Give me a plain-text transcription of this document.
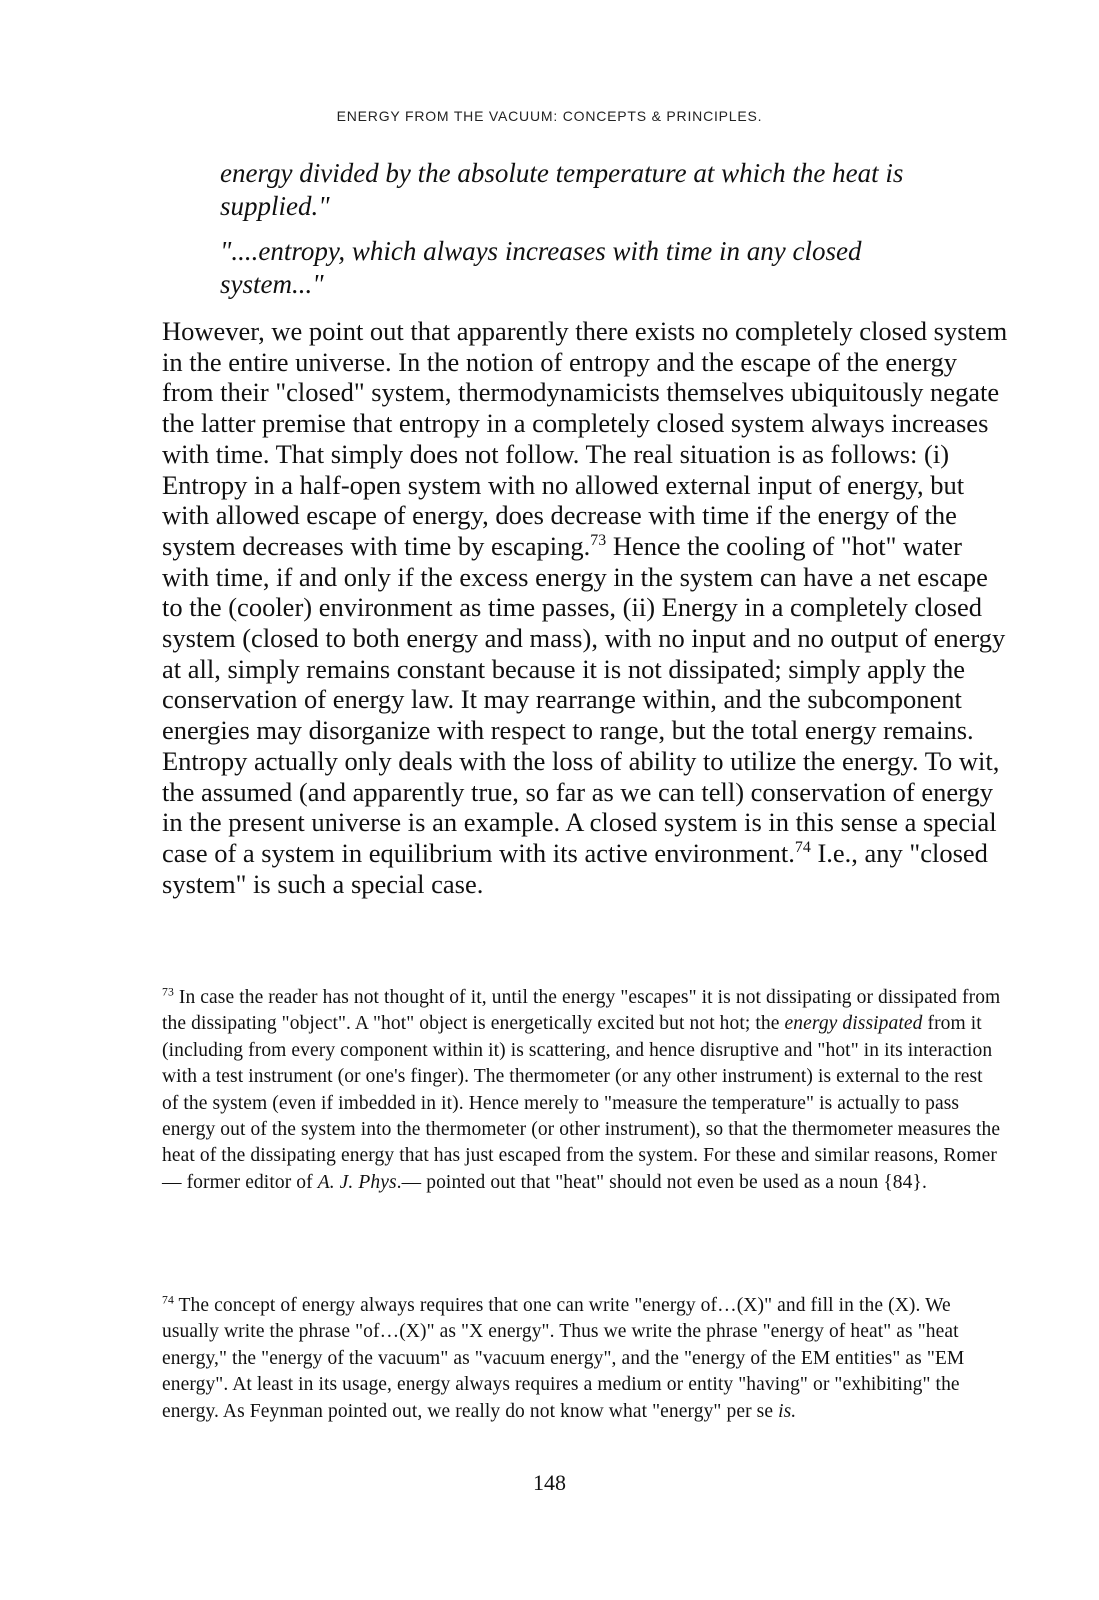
ENERGY FROM THE VACUUM: CONCEPTS & PRINCIPLES.

energy divided by the absolute temperature at which the heat is supplied."

"....entropy, which always increases with time in any closed system..."

However, we point out that apparently there exists no completely closed system in the entire universe. In the notion of entropy and the escape of the energy from their "closed" system, thermodynamicists themselves ubiquitously negate the latter premise that entropy in a completely closed system always increases with time. That simply does not follow. The real situation is as follows: (i) Entropy in a half-open system with no allowed external input of energy, but with allowed escape of energy, does decrease with time if the energy of the system decreases with time by escaping.$^{73}$ Hence the cooling of "hot" water with time, if and only if the excess energy in the system can have a net escape to the (cooler) environment as time passes, (ii) Energy in a completely closed system (closed to both energy and mass), with no input and no output of energy at all, simply remains constant because it is not dissipated; simply apply the conservation of energy law. It may rearrange within, and the subcomponent energies may disorganize with respect to range, but the total energy remains. Entropy actually only deals with the loss of ability to utilize the energy. To wit, the assumed (and apparently true, so far as we can tell) conservation of energy in the present universe is an example. A closed system is in this sense a special case of a system in equilibrium with its active environment.$^{74}$ I.e., any "closed system" is such a special case.

$^{73}$ In case the reader has not thought of it, until the energy "escapes" it is not dissipating or dissipated from the dissipating "object". A "hot" object is energetically excited but not hot; the energy dissipated from it (including from every component within it) is scattering, and hence disruptive and "hot" in its interaction with a test instrument (or one's finger). The thermometer (or any other instrument) is external to the rest of the system (even if imbedded in it). Hence merely to "measure the temperature" is actually to pass energy out of the system into the thermometer (or other instrument), so that the thermometer measures the heat of the dissipating energy that has just escaped from the system. For these and similar reasons, Romer — former editor of A. J. Phys.— pointed out that "heat" should not even be used as a noun {84}.

$^{74}$ The concept of energy always requires that one can write "energy of…(X)" and fill in the (X). We usually write the phrase "of…(X)" as "X energy". Thus we write the phrase "energy of heat" as "heat energy," the "energy of the vacuum" as "vacuum energy", and the "energy of the EM entities" as "EM energy". At least in its usage, energy always requires a medium or entity "having" or "exhibiting" the energy. As Feynman pointed out, we really do not know what "energy" per se is.

148
